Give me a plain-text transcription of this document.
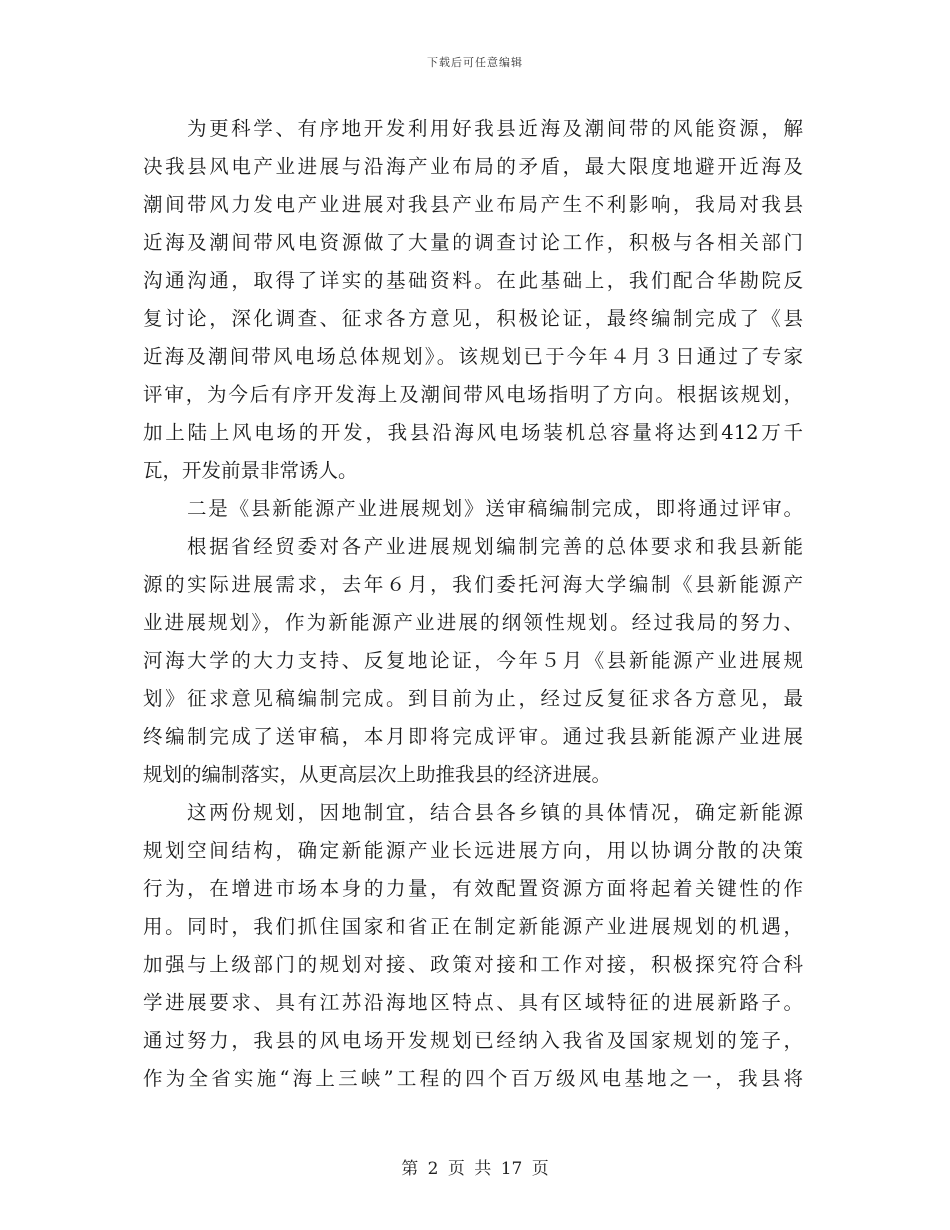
下载后可任意编辑
为更科学、有序地开发利用好我县近海及潮间带的风能资源，解
决我县风电产业进展与沿海产业布局的矛盾，最大限度地避开近海及
潮间带风力发电产业进展对我县产业布局产生不利影响，我局对我县
近海及潮间带风电资源做了大量的调查讨论工作，积极与各相关部门
沟通沟通，取得了详实的基础资料。在此基础上，我们配合华勘院反
复讨论，深化调查、征求各方意见，积极论证，最终编制完成了《县
近海及潮间带风电场总体规划》。该规划已于今年４月３日通过了专家
评审，为今后有序开发海上及潮间带风电场指明了方向。根据该规划，
加上陆上风电场的开发，我县沿海风电场装机总容量将达到412万千
瓦，开发前景非常诱人。
二是《县新能源产业进展规划》送审稿编制完成，即将通过评审。
根据省经贸委对各产业进展规划编制完善的总体要求和我县新能
源的实际进展需求，去年６月，我们委托河海大学编制《县新能源产
业进展规划》，作为新能源产业进展的纲领性规划。经过我局的努力、
河海大学的大力支持、反复地论证，今年５月《县新能源产业进展规
划》征求意见稿编制完成。到目前为止，经过反复征求各方意见，最
终编制完成了送审稿，本月即将完成评审。通过我县新能源产业进展
规划的编制落实，从更高层次上助推我县的经济进展。
这两份规划，因地制宜，结合县各乡镇的具体情况，确定新能源
规划空间结构，确定新能源产业长远进展方向，用以协调分散的决策
行为，在增进市场本身的力量，有效配置资源方面将起着关键性的作
用。同时，我们抓住国家和省正在制定新能源产业进展规划的机遇，
加强与上级部门的规划对接、政策对接和工作对接，积极探究符合科
学进展要求、具有江苏沿海地区特点、具有区域特征的进展新路子。
通过努力，我县的风电场开发规划已经纳入我省及国家规划的笼子，
作为全省实施“海上三峡”工程的四个百万级风电基地之一，我县将
第 2 页 共 17 页
